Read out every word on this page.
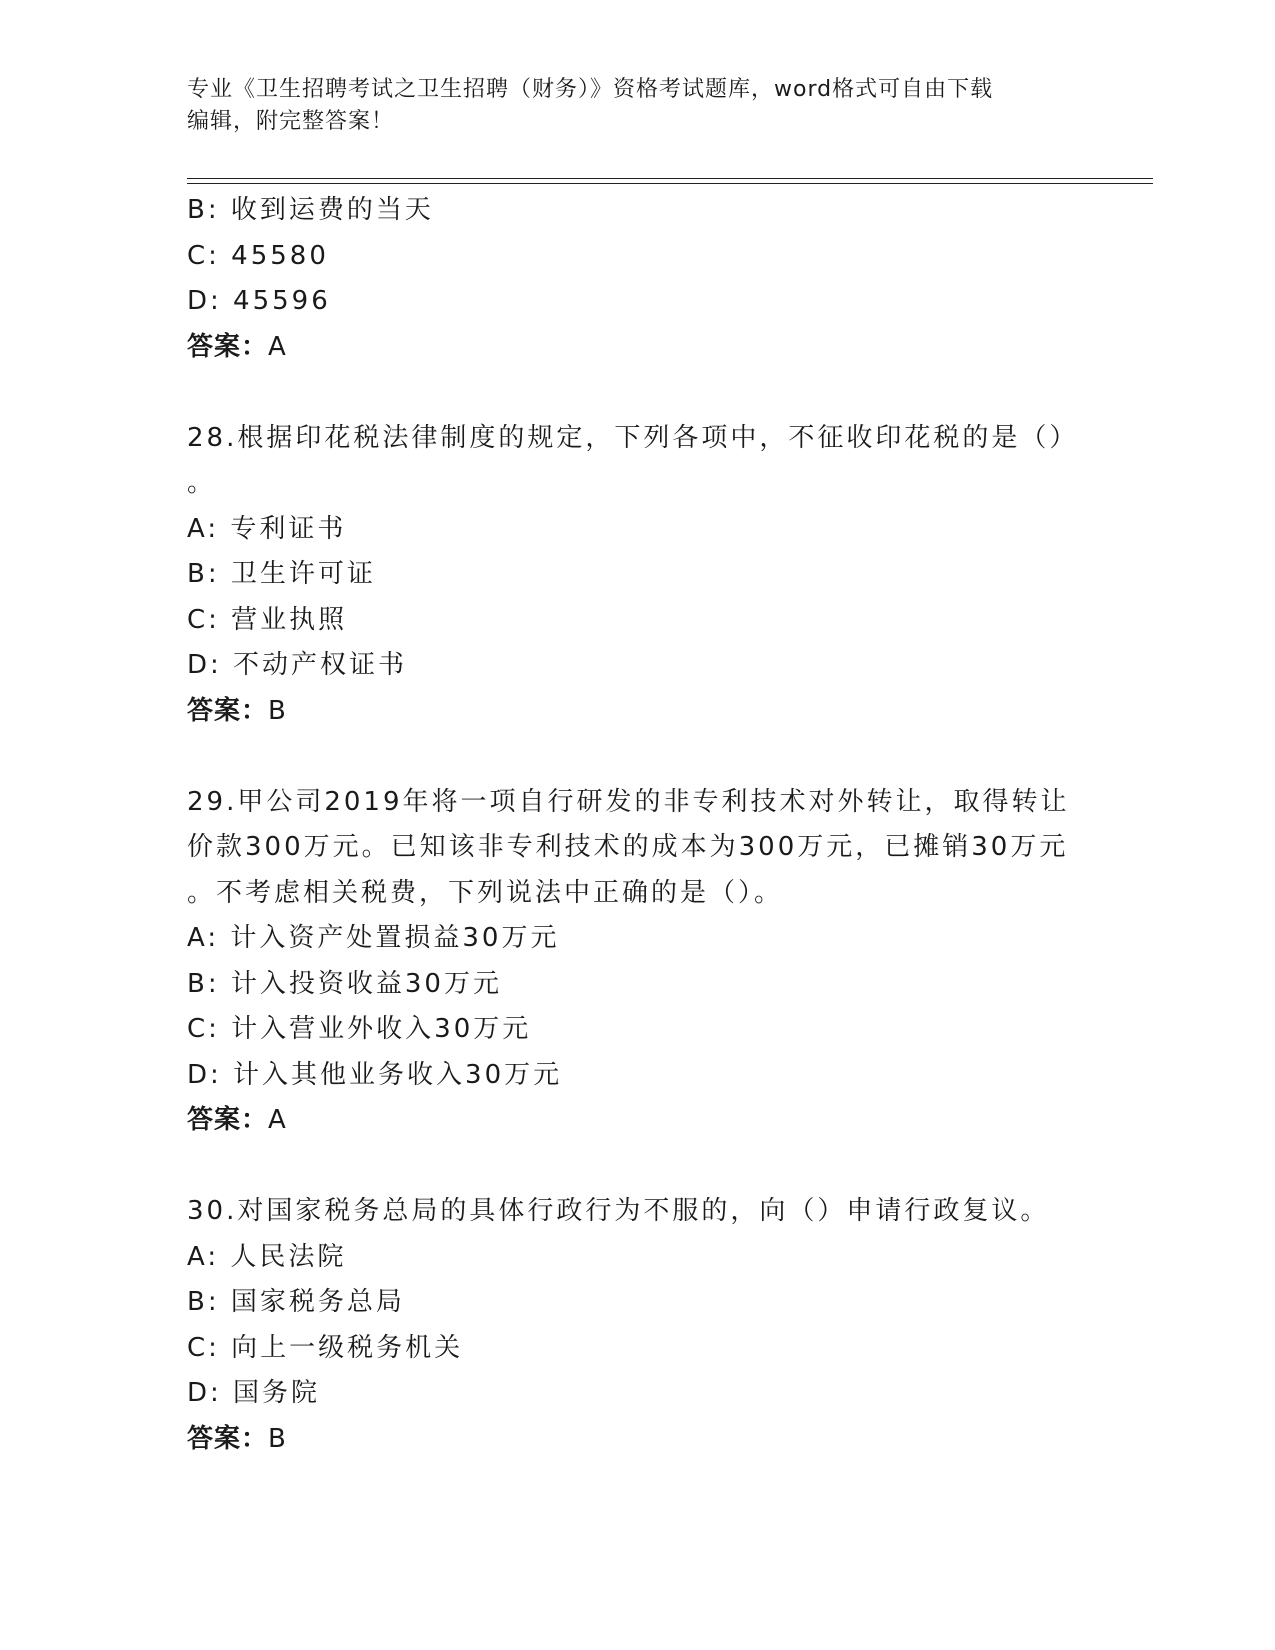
专业《卫生招聘考试之卫生招聘（财务）》资格考试题库，word格式可自由下载
编辑，附完整答案！
B: 收到运费的当天
C: 45580
D: 45596
答案：A
28.根据印花税法律制度的规定，下列各项中，不征收印花税的是（）
。
A: 专利证书
B: 卫生许可证
C: 营业执照
D: 不动产权证书
答案：B
29.甲公司2019年将一项自行研发的非专利技术对外转让，取得转让
价款300万元。已知该非专利技术的成本为300万元，已摊销30万元
。不考虑相关税费，下列说法中正确的是（）。
A: 计入资产处置损益30万元
B: 计入投资收益30万元
C: 计入营业外收入30万元
D: 计入其他业务收入30万元
答案：A
30.对国家税务总局的具体行政行为不服的，向（）申请行政复议。
A: 人民法院
B: 国家税务总局
C: 向上一级税务机关
D: 国务院
答案：B
